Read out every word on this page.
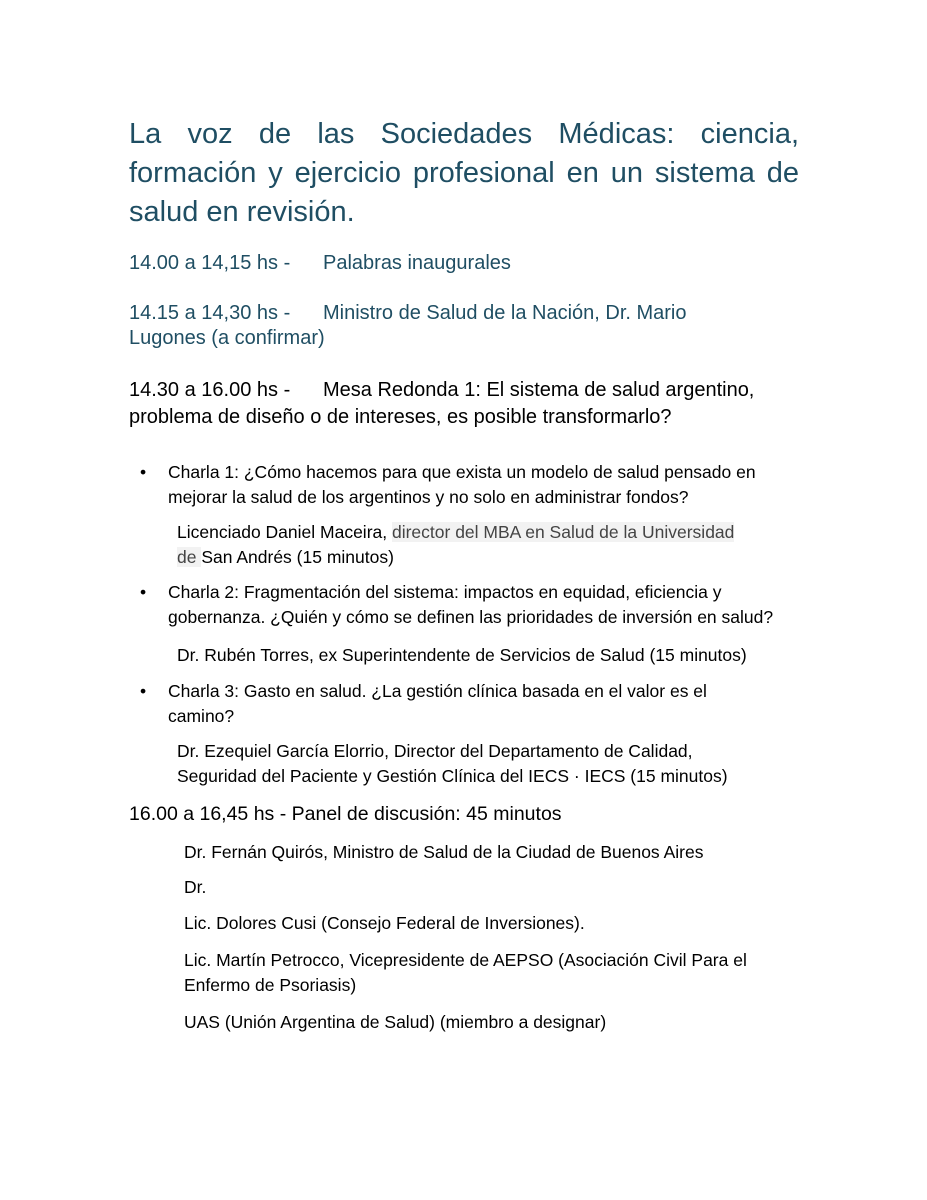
La voz de las Sociedades Médicas: ciencia, formación y ejercicio profesional en un sistema de salud en revisión.
14.00 a 14,15 hs - Palabras inaugurales
14.15 a 14,30 hs - Ministro de Salud de la Nación, Dr. Mario
Lugones (a confirmar)
14.30 a 16.00 hs - Mesa Redonda 1: El sistema de salud argentino,
problema de diseño o de intereses, es posible transformarlo?
•	Charla 1: ¿Cómo hacemos para que exista un modelo de salud pensado en
mejorar la salud de los argentinos y no solo en administrar fondos?
Licenciado Daniel Maceira, director del MBA en Salud de la Universidad
de San Andrés (15 minutos)
•	Charla 2: Fragmentación del sistema: impactos en equidad, eficiencia y
gobernanza. ¿Quién y cómo se definen las prioridades de inversión en salud?
Dr. Rubén Torres, ex Superintendente de Servicios de Salud (15 minutos)
•	Charla 3: Gasto en salud. ¿La gestión clínica basada en el valor es el
camino?
Dr. Ezequiel García Elorrio, Director del Departamento de Calidad,
Seguridad del Paciente y Gestión Clínica del IECS · IECS (15 minutos)
16.00 a 16,45 hs - Panel de discusión: 45 minutos
Dr. Fernán Quirós, Ministro de Salud de la Ciudad de Buenos Aires
Dr.
Lic. Dolores Cusi (Consejo Federal de Inversiones).
Lic. Martín Petrocco, Vicepresidente de AEPSO (Asociación Civil Para el
Enfermo de Psoriasis)
UAS (Unión Argentina de Salud) (miembro a designar)
